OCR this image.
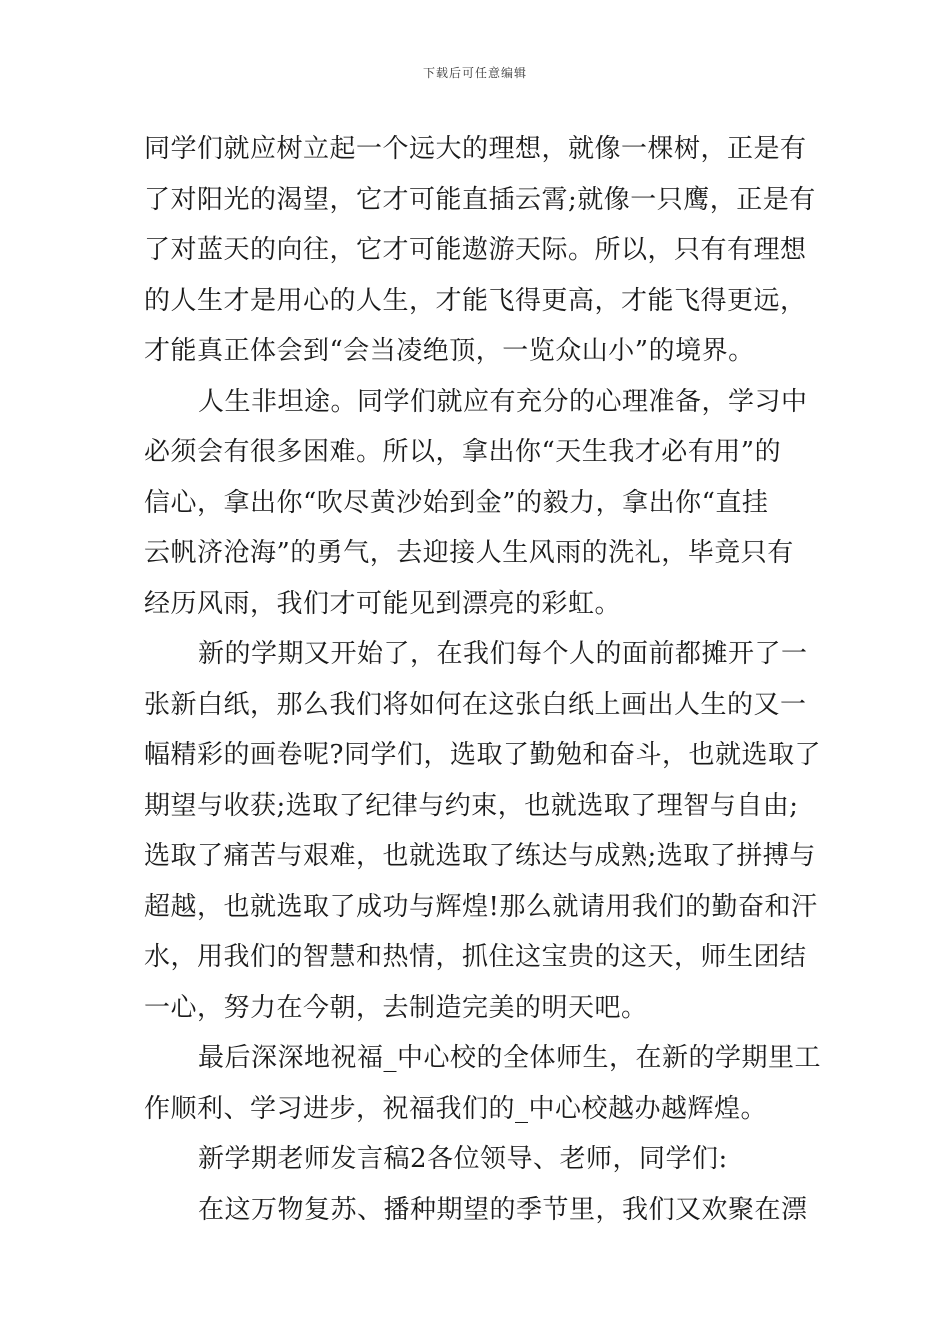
下载后可任意编辑

同学们就应树立起一个远大的理想，就像一棵树，正是有
了对阳光的渴望，它才可能直插云霄;就像一只鹰，正是有
了对蓝天的向往，它才可能遨游天际。所以，只有有理想
的人生才是用心的人生，才能飞得更高，才能飞得更远，
才能真正体会到“会当凌绝顶，一览众山小”的境界。

人生非坦途。同学们就应有充分的心理准备，学习中
必须会有很多困难。所以，拿出你“天生我才必有用”的
信心，拿出你“吹尽黄沙始到金”的毅力，拿出你“直挂
云帆济沧海”的勇气，去迎接人生风雨的洗礼，毕竟只有
经历风雨，我们才可能见到漂亮的彩虹。

新的学期又开始了，在我们每个人的面前都摊开了一
张新白纸，那么我们将如何在这张白纸上画出人生的又一
幅精彩的画卷呢?同学们，选取了勤勉和奋斗，也就选取了
期望与收获;选取了纪律与约束，也就选取了理智与自由;
选取了痛苦与艰难，也就选取了练达与成熟;选取了拼搏与
超越，也就选取了成功与辉煌!那么就请用我们的勤奋和汗
水，用我们的智慧和热情，抓住这宝贵的这天，师生团结
一心，努力在今朝，去制造完美的明天吧。

最后深深地祝福_中心校的全体师生，在新的学期里工
作顺利、学习进步，祝福我们的_中心校越办越辉煌。

新学期老师发言稿2各位领导、老师，同学们:

在这万物复苏、播种期望的季节里，我们又欢聚在漂
